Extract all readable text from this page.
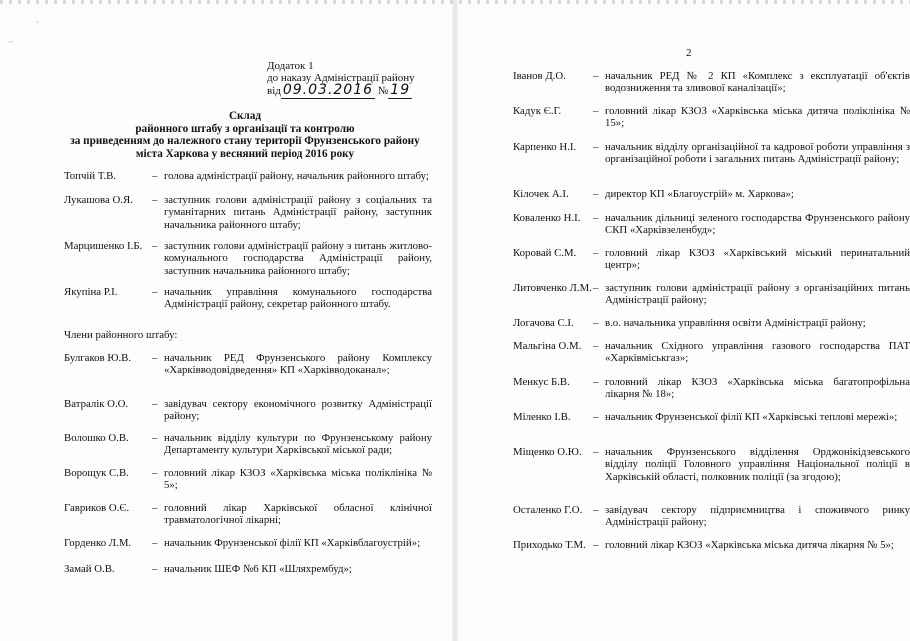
·
··
Додаток 1
до наказу Адміністрації району
від 09.03.2016 № 19
Склад
районного штабу з організації та контролю
за приведенням до належного стану території Фрунзенського району
міста Харкова у весняний період 2016 року
Топчій Т.В.	– голова адміністрації району, начальник районного штабу;
Лукашова О.Я. – заступник голови адміністрації району з соціальних та гуманітарних питань Адміністрації району, заступник начальника районного штабу;
Марцишенко І.Б. – заступник голови адміністрації району з питань житлово-комунального господарства Адміністрації району, заступник начальника районного штабу;
Якупіна Р.І.	– начальник управління комунального господарства Адміністрації району, секретар районного штабу.
Члени районного штабу:
Булгаков Ю.В. – начальник РЕД Фрунзенського району Комплексу «Харківводовідведення» КП «Харківводоканал»;
Ватралік О.О. – завідувач сектору економічного розвитку Адміністрації району;
Волошко О.В. – начальник відділу культури по Фрунзенському району Департаменту культури Харківської міської ради;
Ворощук С.В. – головний лікар КЗОЗ «Харківська міська поліклініка № 5»;
Гавриков О.Є. – головний лікар Харківської обласної клінічної травматологічної лікарні;
Горденко Л.М. – начальник Фрунзенської філії КП «Харківблагоустрій»;
Замай О.В.	– начальник ШЕФ №6 КП «Шляхрембуд»;
2
Іванов Д.О.	– начальник РЕД № 2 КП «Комплекс з експлуатації об'єктів водозниження та зливової каналізації»;
Кадук Є.Г.	– головний лікар КЗОЗ «Харківська міська дитяча поліклініка № 15»;
Карпенко Н.І. – начальник відділу організаційної та кадрової роботи управління з організаційної роботи і загальних питань Адміністрації району;
Кілочек А.І. – директор КП «Благоустрій» м. Харкова»;
Коваленко Н.І. – начальник дільниці зеленого господарства Фрунзенського району СКП «Харківзеленбуд»;
Коровай С.М. – головний лікар КЗОЗ «Харківський міський перинатальний центр»;
Литовченко Л.М. – заступник голови адміністрації району з організаційних питань Адміністрації району;
Логачова С.І. – в.о. начальника управління освіти Адміністрації району;
Мальгіна О.М. – начальник Східного управління газового господарства ПАТ «Харківміськгаз»;
Менкус Б.В. – головний лікар КЗОЗ «Харківська міська багатопрофільна лікарня № 18»;
Міленко І.В. – начальник Фрунзенської філії КП «Харківські теплові мережі»;
Міщенко О.Ю. – начальник Фрунзенського відділення Орджонікідзевського відділу поліції Головного управління Національної поліції в Харківській області, полковник поліції (за згодою);
Осталенко Г.О. – завідувач сектору підприємництва і споживчого ринку Адміністрації району;
Приходько Т.М. – головний лікар КЗОЗ «Харківська міська дитяча лікарня № 5»;
